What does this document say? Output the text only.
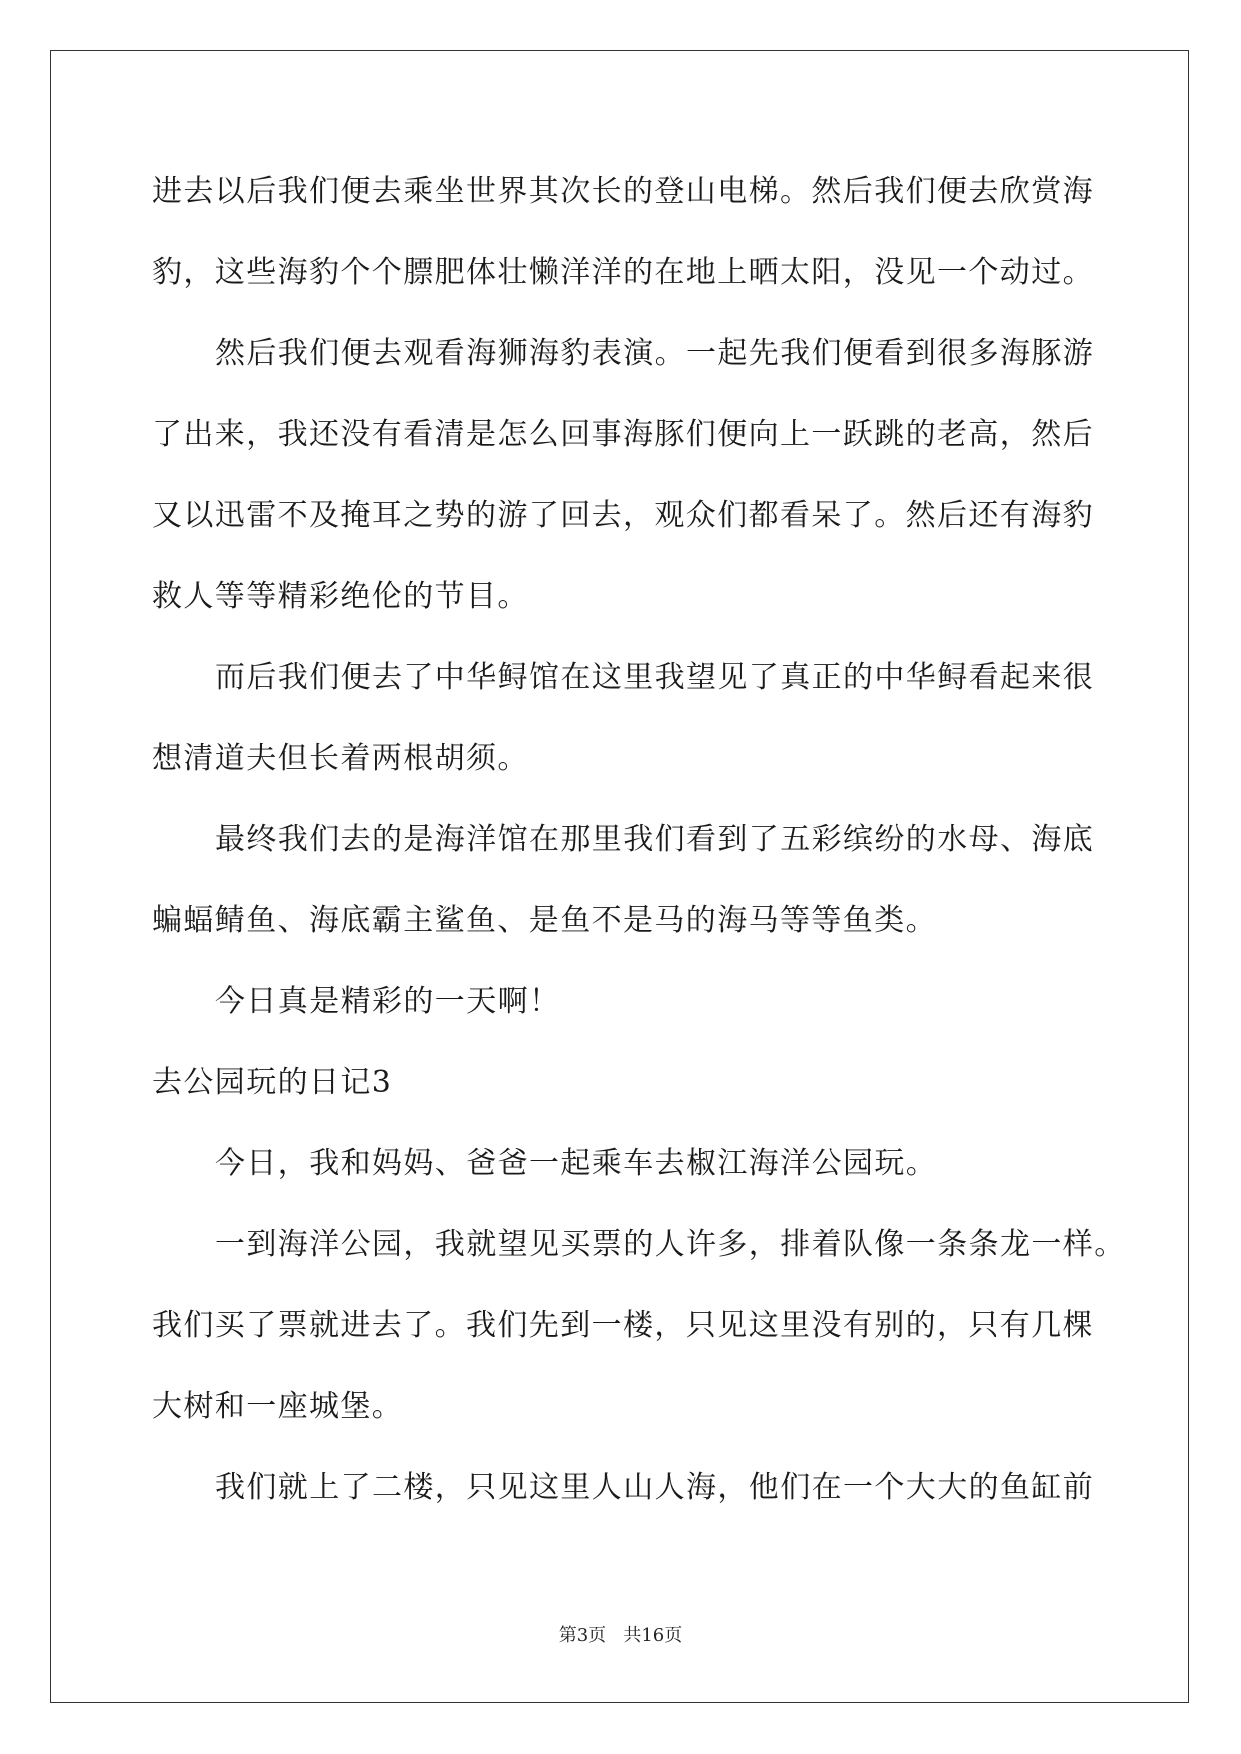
进去以后我们便去乘坐世界其次长的登山电梯。然后我们便去欣赏海
豹，这些海豹个个膘肥体壮懒洋洋的在地上晒太阳，没见一个动过。
然后我们便去观看海狮海豹表演。一起先我们便看到很多海豚游
了出来，我还没有看清是怎么回事海豚们便向上一跃跳的老高，然后
又以迅雷不及掩耳之势的游了回去，观众们都看呆了。然后还有海豹
救人等等精彩绝伦的节目。
而后我们便去了中华鲟馆在这里我望见了真正的中华鲟看起来很
想清道夫但长着两根胡须。
最终我们去的是海洋馆在那里我们看到了五彩缤纷的水母、海底
蝙蝠鲭鱼、海底霸主鲨鱼、是鱼不是马的海马等等鱼类。
今日真是精彩的一天啊！
去公园玩的日记3
今日，我和妈妈、爸爸一起乘车去椒江海洋公园玩。
一到海洋公园，我就望见买票的人许多，排着队像一条条龙一样。
我们买了票就进去了。我们先到一楼，只见这里没有别的，只有几棵
大树和一座城堡。
我们就上了二楼，只见这里人山人海，他们在一个大大的鱼缸前
第3页   共16页
